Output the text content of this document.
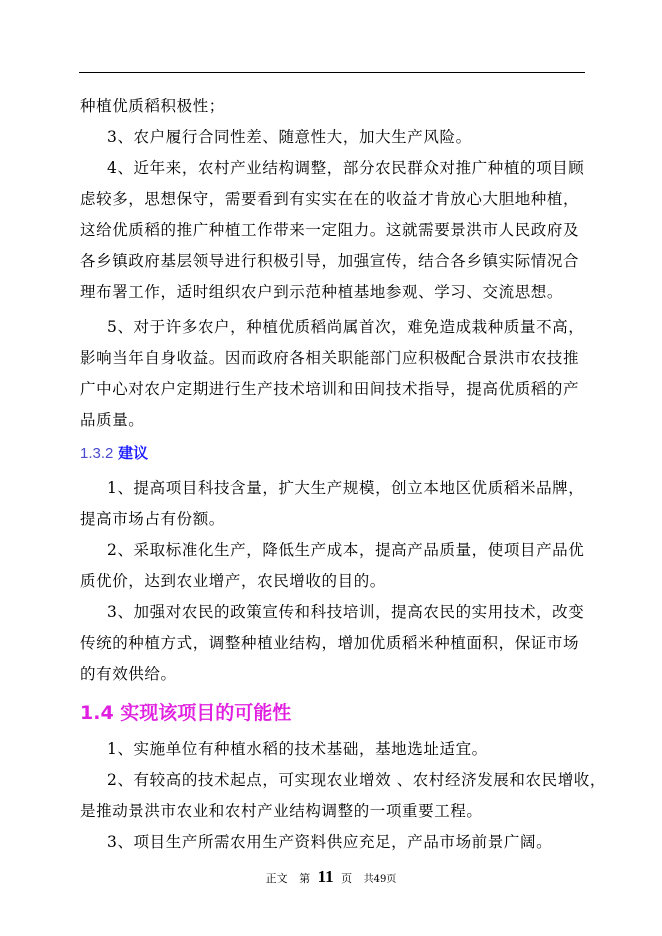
种植优质稻积极性；
3、农户履行合同性差、随意性大，加大生产风险。
4、近年来，农村产业结构调整，部分农民群众对推广种植的项目顾
虑较多，思想保守，需要看到有实实在在的收益才肯放心大胆地种植，
这给优质稻的推广种植工作带来一定阻力。这就需要景洪市人民政府及
各乡镇政府基层领导进行积极引导，加强宣传，结合各乡镇实际情况合
理布署工作，适时组织农户到示范种植基地参观、学习、交流思想。
5、对于许多农户，种植优质稻尚属首次，难免造成栽种质量不高，
影响当年自身收益。因而政府各相关职能部门应积极配合景洪市农技推
广中心对农户定期进行生产技术培训和田间技术指导，提高优质稻的产
品质量。
1.3.2 建议
1、提高项目科技含量，扩大生产规模，创立本地区优质稻米品牌，
提高市场占有份额。
2、采取标准化生产，降低生产成本，提高产品质量，使项目产品优
质优价，达到农业增产，农民增收的目的。
3、加强对农民的政策宣传和科技培训，提高农民的实用技术，改变
传统的种植方式，调整种植业结构，增加优质稻米种植面积，保证市场
的有效供给。
1.4 实现该项目的可能性
1、实施单位有种植水稻的技术基础，基地选址适宜。
2、有较高的技术起点，可实现农业增效 、农村经济发展和农民增收，
是推动景洪市农业和农村产业结构调整的一项重要工程。
3、项目生产所需农用生产资料供应充足，产品市场前景广阔。
正文 第 11 页 共49页
